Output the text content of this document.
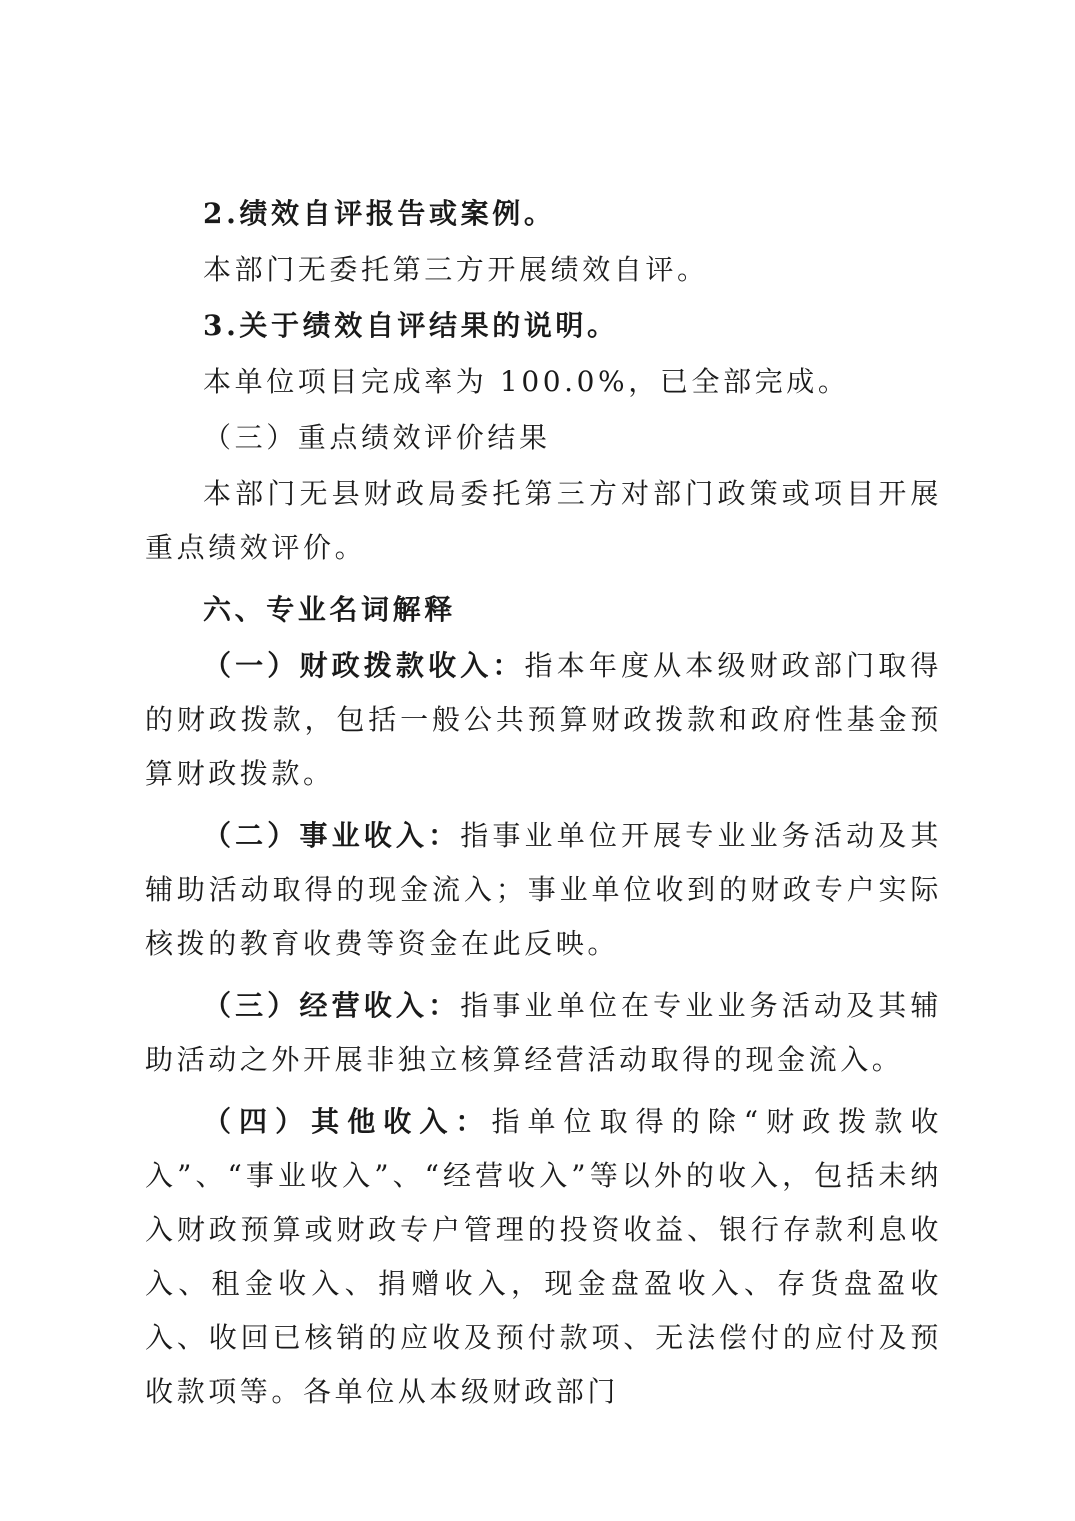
2.绩效自评报告或案例。

本部门无委托第三方开展绩效自评。

3.关于绩效自评结果的说明。

本单位项目完成率为 100.0%，已全部完成。

（三）重点绩效评价结果

本部门无县财政局委托第三方对部门政策或项目开展重点绩效评价。

六、专业名词解释

（一）财政拨款收入：指本年度从本级财政部门取得的财政拨款，包括一般公共预算财政拨款和政府性基金预算财政拨款。

（二）事业收入：指事业单位开展专业业务活动及其辅助活动取得的现金流入；事业单位收到的财政专户实际核拨的教育收费等资金在此反映。

（三）经营收入：指事业单位在专业业务活动及其辅助活动之外开展非独立核算经营活动取得的现金流入。

（四）其他收入：指单位取得的除“财政拨款收入”、“事业收入”、“经营收入”等以外的收入，包括未纳入财政预算或财政专户管理的投资收益、银行存款利息收入、租金收入、捐赠收入，现金盘盈收入、存货盘盈收入、收回已核销的应收及预付款项、无法偿付的应付及预收款项等。各单位从本级财政部门
